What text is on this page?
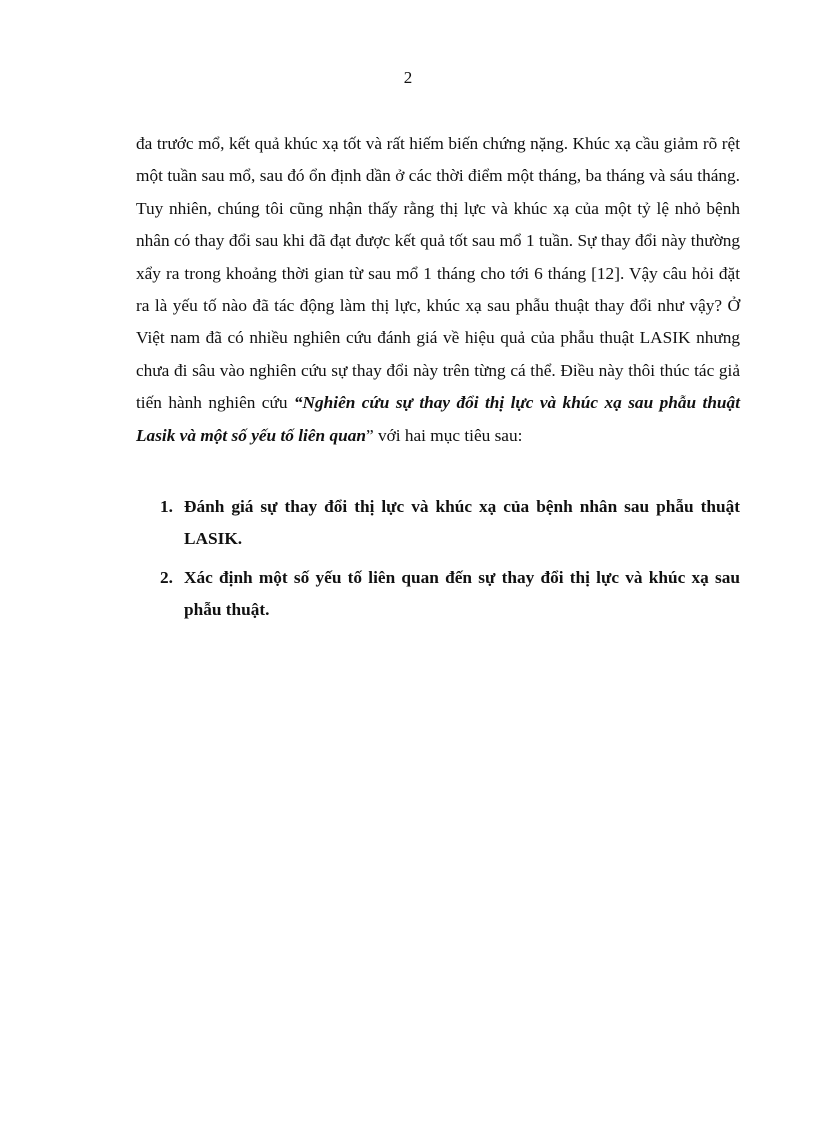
2

đa trước mổ, kết quả khúc xạ tốt và rất hiếm biến chứng nặng. Khúc xạ cầu giảm rõ rệt một tuần sau mổ, sau đó ổn định dần ở các thời điểm một tháng, ba tháng và sáu tháng. Tuy nhiên, chúng tôi cũng nhận thấy rằng thị lực và khúc xạ của một tỷ lệ nhỏ bệnh nhân có thay đổi sau khi đã đạt được kết quả tốt sau mổ 1 tuần. Sự thay đổi này thường xẩy ra trong khoảng thời gian từ sau mổ 1 tháng cho tới 6 tháng [12]. Vậy câu hỏi đặt ra là yếu tố nào đã tác động làm thị lực, khúc xạ sau phẫu thuật thay đổi như vậy? Ở Việt nam đã có nhiều nghiên cứu đánh giá về hiệu quả của phẫu thuật LASIK nhưng chưa đi sâu vào nghiên cứu sự thay đổi này trên từng cá thể. Điều này thôi thúc tác giả tiến hành nghiên cứu “Nghiên cứu sự thay đổi thị lực và khúc xạ sau phẫu thuật Lasik và một số yếu tố liên quan” với hai mục tiêu sau:

1. Đánh giá sự thay đổi thị lực và khúc xạ của bệnh nhân sau phẫu thuật LASIK.
2. Xác định một số yếu tố liên quan đến sự thay đổi thị lực và khúc xạ sau phẫu thuật.
